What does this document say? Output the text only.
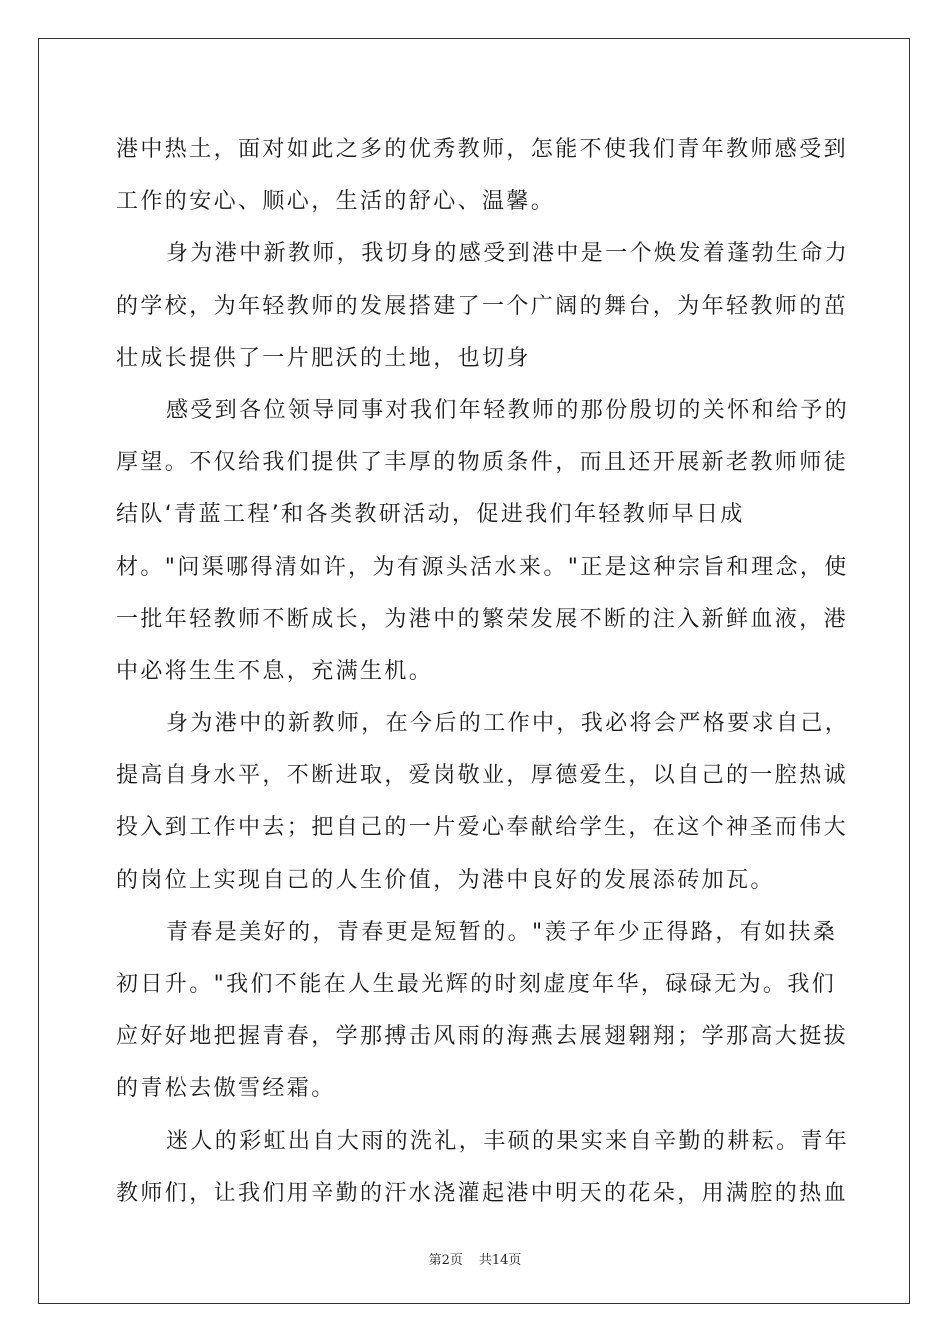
港中热土，面对如此之多的优秀教师，怎能不使我们青年教师感受到
工作的安心、顺心，生活的舒心、温馨。
身为港中新教师，我切身的感受到港中是一个焕发着蓬勃生命力
的学校，为年轻教师的发展搭建了一个广阔的舞台，为年轻教师的茁
壮成长提供了一片肥沃的土地，也切身
感受到各位领导同事对我们年轻教师的那份殷切的关怀和给予的
厚望。不仅给我们提供了丰厚的物质条件，而且还开展新老教师师徒
结队‘青蓝工程’和各类教研活动，促进我们年轻教师早日成
材。"问渠哪得清如许，为有源头活水来。"正是这种宗旨和理念，使
一批年轻教师不断成长，为港中的繁荣发展不断的注入新鲜血液，港
中必将生生不息，充满生机。
身为港中的新教师，在今后的工作中，我必将会严格要求自己，
提高自身水平，不断进取，爱岗敬业，厚德爱生，以自己的一腔热诚
投入到工作中去；把自己的一片爱心奉献给学生，在这个神圣而伟大
的岗位上实现自己的人生价值，为港中良好的发展添砖加瓦。
青春是美好的，青春更是短暂的。"羡子年少正得路，有如扶桑
初日升。"我们不能在人生最光辉的时刻虚度年华，碌碌无为。我们
应好好地把握青春，学那搏击风雨的海燕去展翅翱翔；学那高大挺拔
的青松去傲雪经霜。
迷人的彩虹出自大雨的洗礼，丰硕的果实来自辛勤的耕耘。青年
教师们，让我们用辛勤的汗水浇灌起港中明天的花朵，用满腔的热血
第2页 共14页
